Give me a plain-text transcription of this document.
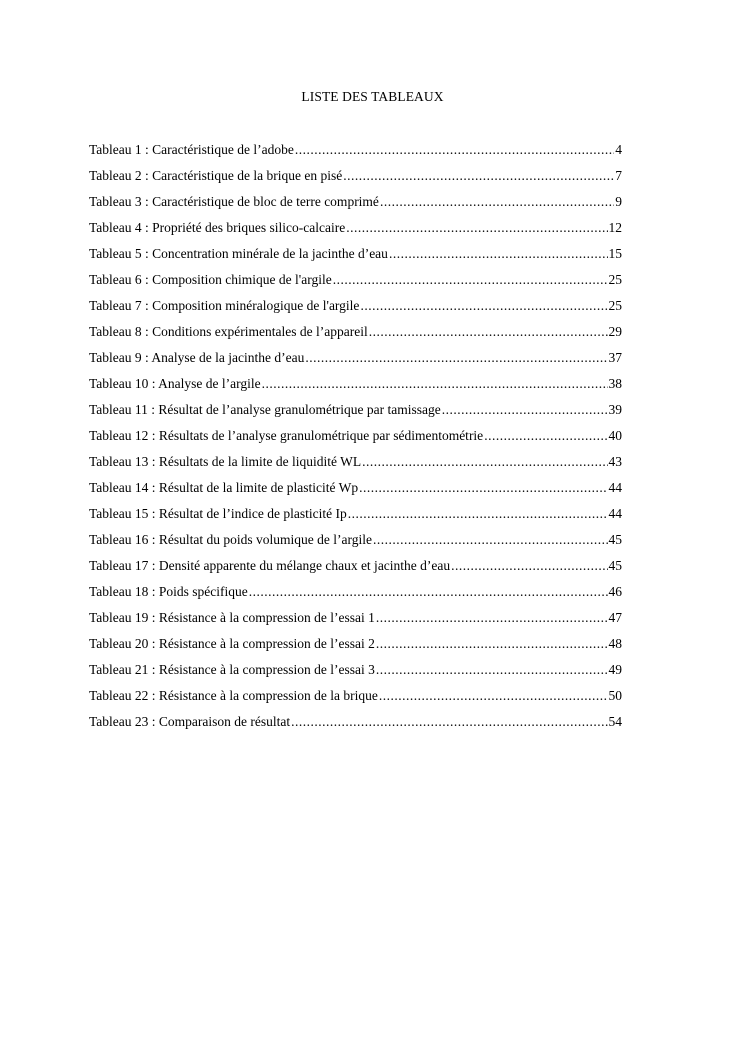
LISTE DES TABLEAUX
Tableau 1 : Caractéristique de l’adobe .....	4
Tableau 2 : Caractéristique de la brique en pisé .....	7
Tableau 3 : Caractéristique de bloc de terre comprimé .....	9
Tableau 4 : Propriété des briques silico-calcaire .....	12
Tableau 5 : Concentration minérale de la jacinthe d’eau .....	15
Tableau 6 : Composition chimique de l'argile .....	25
Tableau 7 : Composition minéralogique de l'argile .....	25
Tableau 8 : Conditions expérimentales de l’appareil .....	29
Tableau 9 : Analyse de la jacinthe d’eau .....	37
Tableau 10 : Analyse de l’argile .....	38
Tableau 11 : Résultat de l’analyse granulométrique par tamissage .....	39
Tableau 12 : Résultats de l’analyse granulométrique par sédimentométrie .....	40
Tableau 13 : Résultats de la limite de liquidité WL .....	43
Tableau 14 : Résultat de la limite de plasticité Wp .....	44
Tableau 15 : Résultat de l’indice de plasticité Ip .....	44
Tableau 16 : Résultat du poids volumique de l’argile .....	45
Tableau 17 : Densité apparente du mélange chaux et jacinthe d’eau .....	45
Tableau 18 : Poids spécifique .....	46
Tableau 19 : Résistance à la compression de l’essai 1 .....	47
Tableau 20 : Résistance à la compression de l’essai 2 .....	48
Tableau 21 : Résistance à la compression de l’essai 3 .....	49
Tableau 22 : Résistance à la compression de la brique .....	50
Tableau 23 : Comparaison de résultat .....	54
